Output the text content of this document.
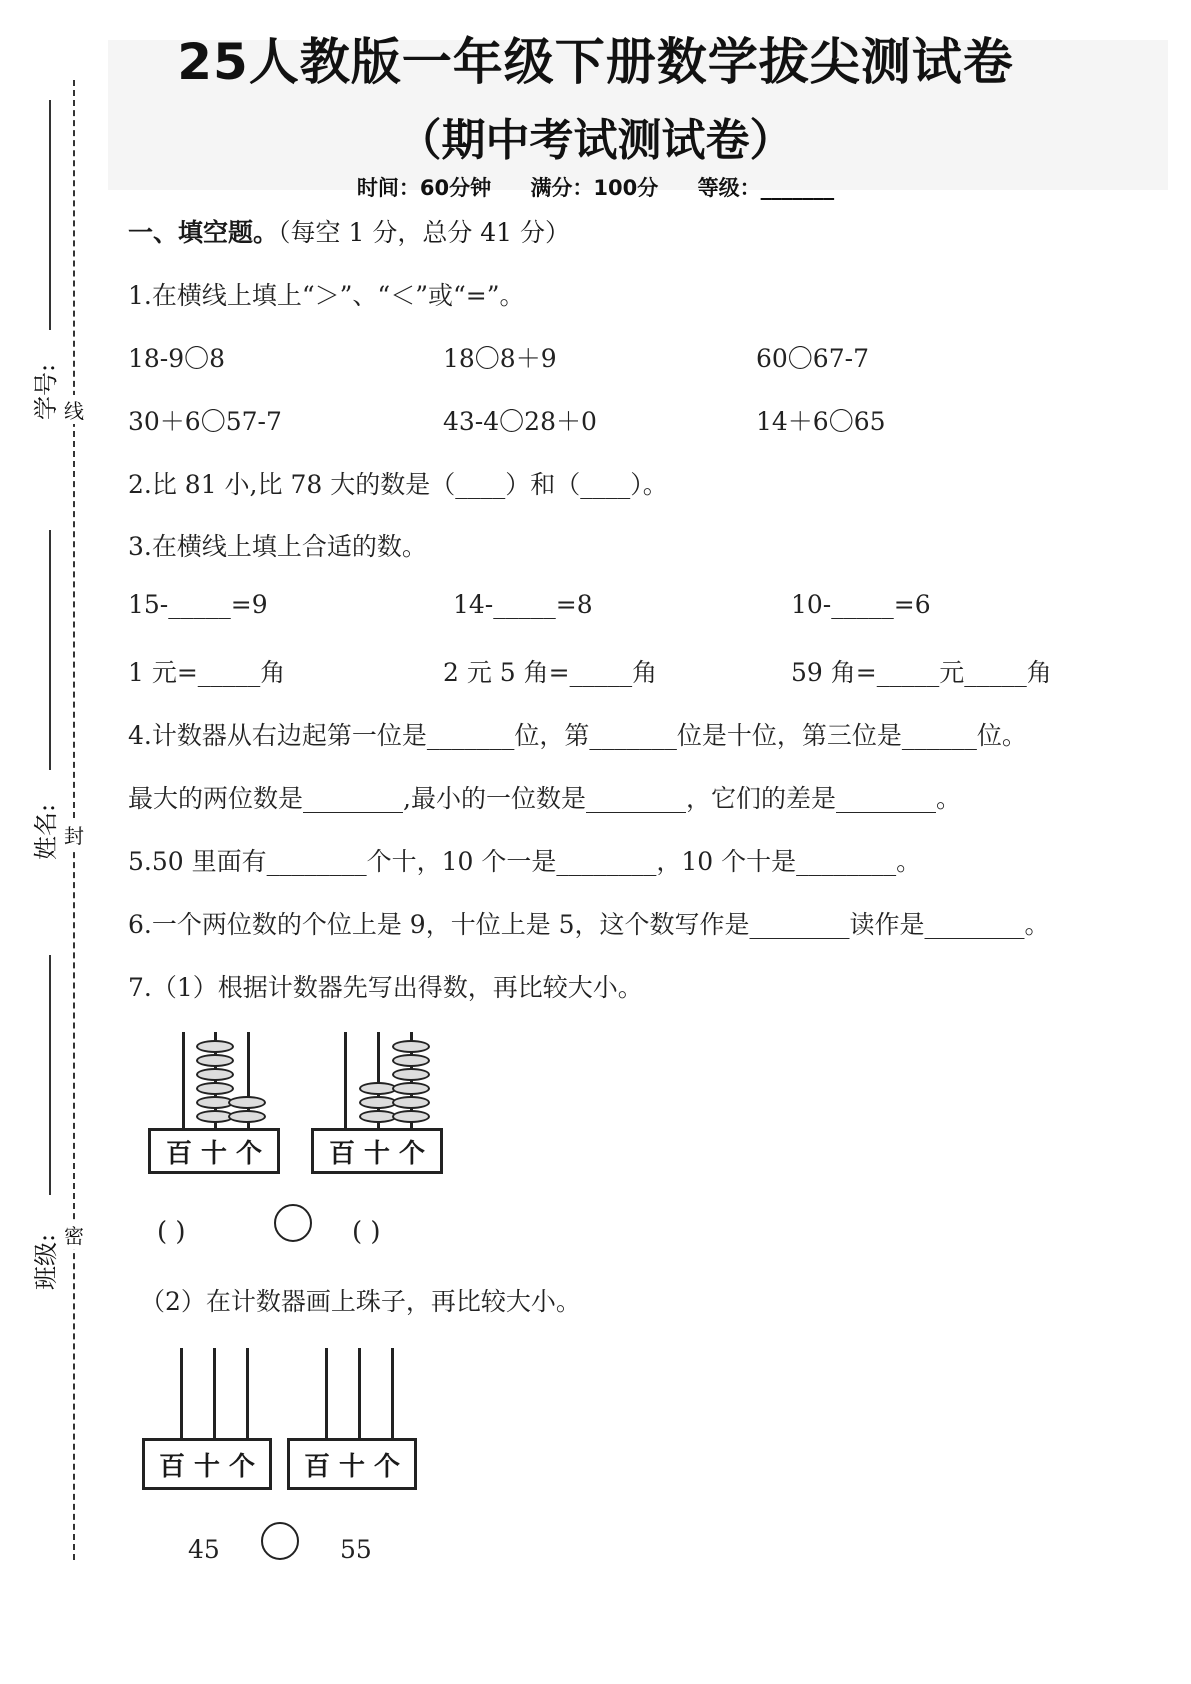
25人教版一年级下册数学拔尖测试卷
（期中考试测试卷）
时间：60分钟 满分：100分 等级：_______
学号:
姓名:
班级:
线
封
密
一、填空题。（每空 1 分，总分 41 分）
1.在横线上填上“＞”、“＜”或“=”。
18-9〇8	18〇8＋9	60〇67-7
30＋6〇57-7	43-4〇28＋0	14＋6〇65
2.比 81 小,比 78 大的数是（____）和（____）。
3.在横线上填上合适的数。
15-_____=9	14-_____=8	10-_____=6
1 元=_____角	2 元 5 角=_____角	59 角=_____元_____角
4.计数器从右边起第一位是_______位，第_______位是十位，第三位是______位。
最大的两位数是________,最小的一位数是________，它们的差是________。
5.50 里面有________个十，10 个一是________，10 个十是________。
6.一个两位数的个位上是 9，十位上是 5，这个数写作是________读作是________。
7.（1）根据计数器先写出得数，再比较大小。
百 十 个	百 十 个
( )	( )
（2）在计数器画上珠子，再比较大小。
百 十 个	百 十 个
45	55
